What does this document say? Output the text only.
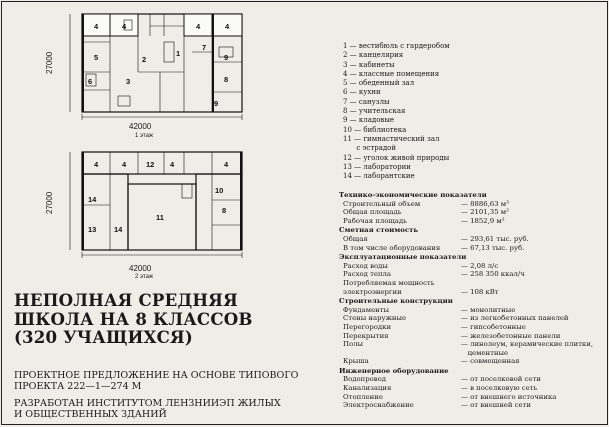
4	4	4	4
5	2
1
7
9
6	3	8
9
27000
42000
1 этаж
4	4	12 4	4
10
8
14
13
11
14
27000
42000
2 этаж
1 — вестибюль с гардеробом
2 — канцелярия
3 — кабинеты
4 — классные помещения
5 — обеденный зал
6 — кухни
7 — санузлы
8 — учительская
9 — кладовые
10 — библиотека
11 — гимнастический зал
с эстрадой
12 — уголок живой природы
13 — лаборатории
14 — лаборантские
НЕПОЛНАЯ СРЕДНЯЯ
ШКОЛА НА 8 КЛАССОВ
(320 УЧАЩИХСЯ)
ПРОЕКТНОЕ ПРЕДЛОЖЕНИЕ НА ОСНОВЕ ТИПОВОГО
ПРОЕКТА 222—1—274 М
РАЗРАБОТАН ИНСТИТУТОМ ЛЕНЗНИИЭП ЖИЛЫХ
И ОБЩЕСТВЕННЫХ ЗДАНИЙ
Технико-экономические показатели
Строительный объем	— 8886,63 м³
Общая площадь	— 2101,35 м²
Рабочая площадь	— 1852,9 м²
Сметная стоимость
Общая	— 293,61 тыс. руб.
В том числе оборудования	— 67,13 тыс. руб.
Эксплуатационные показатели
Расход воды	— 2,08 л/с
Расход тепла	— 258 350 ккал/ч
Потребляемая мощность
электроэнергии	— 108 кВт
Строительные конструкции
Фундаменты	— монолитные
Стены наружные	— из легкобетонных панелей
Перегородки	— гипсобетонные
Перекрытия	— железобетонные панели
Полы	— линолеум, керамические плитки,
цементные
Крыша	— совмещенная
Инженерное оборудование
Водопровод	— от поселковой сети
Канализация	— в поселковую сеть
Отопление	— от внешнего источника
Электроснабжение	— от внешней сети
